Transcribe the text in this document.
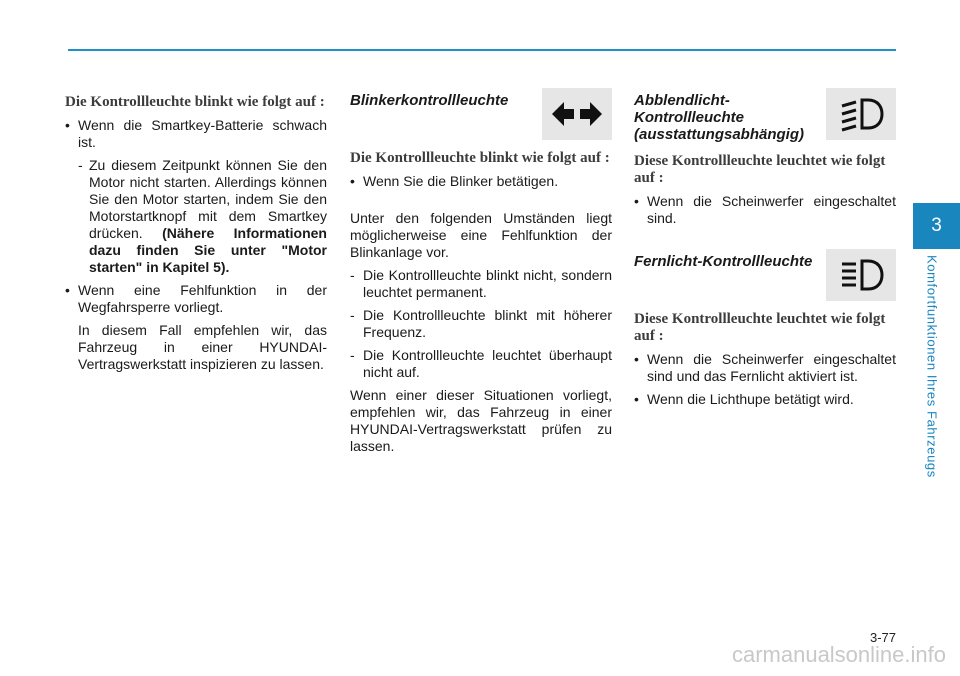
3
Komfortfunktionen Ihres Fahrzeugs
Die Kontrollleuchte blinkt wie folgt auf :
• Wenn die Smartkey-Batterie schwach ist.
- Zu diesem Zeitpunkt können Sie den Motor nicht starten. Allerdings können Sie den Motor starten, indem Sie den Motorstartknopf mit dem Smartkey drücken. (Nähere Informationen dazu finden Sie unter "Motor starten" in Kapitel 5).
• Wenn eine Fehlfunktion in der Wegfahrsperre vorliegt.
In diesem Fall empfehlen wir, das Fahrzeug in einer HYUNDAI-Vertragswerkstatt inspizieren zu lassen.
Blinkerkontrollleuchte
Die Kontrollleuchte blinkt wie folgt auf :
• Wenn Sie die Blinker betätigen.

Unter den folgenden Umständen liegt möglicherweise eine Fehlfunktion der Blinkanlage vor.

- Die Kontrollleuchte blinkt nicht, sondern leuchtet permanent.
- Die Kontrollleuchte blinkt mit höherer Frequenz.
- Die Kontrollleuchte leuchtet überhaupt nicht auf.

Wenn einer dieser Situationen vorliegt, empfehlen wir, das Fahrzeug in einer HYUNDAI-Vertragswerkstatt prüfen zu lassen.

Abblendlicht-Kontrollleuchte (ausstattungsabhängig)
Diese Kontrollleuchte leuchtet wie folgt auf :
• Wenn die Scheinwerfer eingeschaltet sind.
Fernlicht-Kontrollleuchte
Diese Kontrollleuchte leuchtet wie folgt auf :
• Wenn die Scheinwerfer eingeschaltet sind und das Fernlicht aktiviert ist.
• Wenn die Lichthupe betätigt wird.
3-77
carmanualsonline.info
